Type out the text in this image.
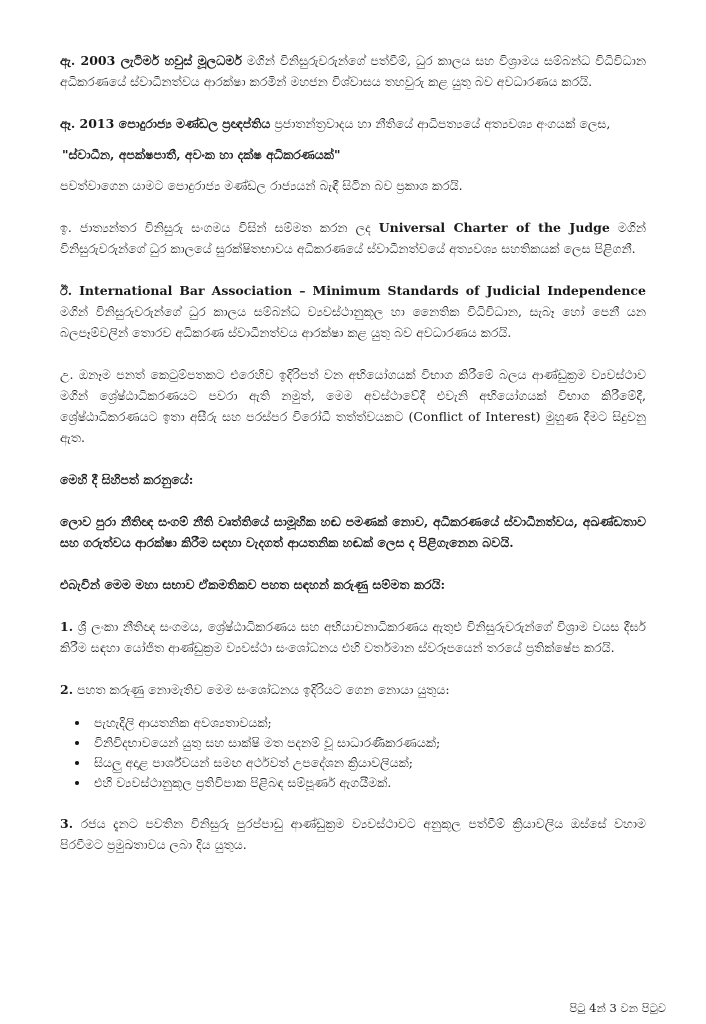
ඇ. 2003 ලැටිමර් හවුස් මූලධර්ම මගින් විනිසුරුවරුන්ගේ පත්වීම්, ධුර කාලය සහ විශ්‍රාමය සම්බන්ධ විධිවිධාන අධිකරණයේ ස්වාධීනත්වය ආරක්ෂා කරමින් මහජන විශ්වාසය තහවුරු කළ යුතු බව අවධාරණය කරයි.

ඈ. 2013 පොදුරාජ්‍ය මණ්ඩල ප්‍රඥප්තිය ප්‍රජාතන්ත්‍රවාදය හා නීතියේ ආධිපත්‍යයේ අත්‍යවශ්‍ය අංගයක් ලෙස,

"ස්වාධීන, අපක්ෂපාතී, අවංක හා දක්ෂ අධිකරණයක්"

පවත්වාගෙන යාමට පොදුරාජ්‍ය මණ්ඩල රාජ්‍යයන් බැඳී සිටින බව ප්‍රකාශ කරයි.

ඉ. ජාත්‍යන්තර විනිසුරු සංගමය විසින් සම්මත කරන ලද Universal Charter of the Judge මගින් විනිසුරුවරුන්ගේ ධුර කාලයේ සුරක්ෂිතභාවය අධිකරණයේ ස්වාධීනත්වයේ අත්‍යවශ්‍ය සහතිකයක් ලෙස පිළිගනී.

ඊ. International Bar Association – Minimum Standards of Judicial Independence මගින් විනිසුරුවරුන්ගේ ධුර කාලය සම්බන්ධ ව්‍යවස්ථානුකූල හා නෛතික විධිවිධාන, සැබෑ හෝ පෙනී යන බලපෑම්වලින් තොරව අධිකරණ ස්වාධීනත්වය ආරක්ෂා කළ යුතු බව අවධාරණය කරයි.

උ. ඔනෑම පනත් කෙටුම්පතකට එරෙහිව ඉදිරිපත් වන අභියෝගයක් විභාග කිරීමේ බලය ආණ්ඩුක්‍රම ව්‍යවස්ථාව මගින් ශ්‍රේෂ්ඨාධිකරණයට පවරා ඇති නමුත්, මෙම අවස්ථාවේදී එවැනි අභියෝගයක් විභාග කිරීමේදී, ශ්‍රේෂ්ඨාධිකරණයට ඉතා අසීරු සහ පරස්පර විරෝධී තත්ත්වයකට (Conflict of Interest) මුහුණ දීමට සිදුවනු ඇත.

මෙහි දී සිහිපත් කරනුයේ:

ලොව පුරා නීතිඥ සංගම් නීති වෘත්තියේ සාමූහික හඬ පමණක් නොව, අධිකරණයේ ස්වාධීනත්වය, අඛණ්ඩතාව සහ ගරුත්වය ආරක්ෂා කිරීම සඳහා වැදගත් ආයතනික හඬක් ලෙස ද පිළිගැනෙන බවයි.

එබැවින් මෙම මහා සභාව ඒකමතිකව පහත සඳහන් කරුණු සම්මත කරයි:

1. ශ්‍රී ලංකා නීතිඥ සංගමය, ශ්‍රේෂ්ඨාධිකරණය සහ අභියාචනාධිකරණය ඇතුළු විනිසුරුවරුන්ගේ විශ්‍රාම වයස දීර්ඝ කිරීම සඳහා යෝජිත ආණ්ඩුක්‍රම ව්‍යවස්ථා සංශෝධනය එහි වර්තමාන ස්වරූපයෙන් තරයේ ප්‍රතික්ෂේප කරයි.

2. පහත කරුණු නොමැතිව මෙම සංශෝධනය ඉදිරියට ගෙන නොයා යුතුය:

• පැහැදිලි ආයතනික අවශ්‍යතාවයක්;
• විනිවිදභාවයෙන් යුතු සහ සාක්ෂි මත පදනම් වූ සාධාරණීකරණයක්;
• සියලු අදාළ පාර්ශ්වයන් සමඟ අර්ථවත් උපදේශන ක්‍රියාවලියක්;
• එහි ව්‍යවස්ථානුකූල ප්‍රතිවිපාක පිළිබඳ සම්පූර්ණ ඇගයීමක්.

3. රජය දැනට පවතින විනිසුරු පුරප්පාඩු ආණ්ඩුක්‍රම ව්‍යවස්ථාවට අනුකූල පත්වීම් ක්‍රියාවලිය ඔස්සේ වහාම පිරවීමට ප්‍රමුඛතාවය ලබා දිය යුතුය.

පිටු 4න් 3 වන පිටුව
